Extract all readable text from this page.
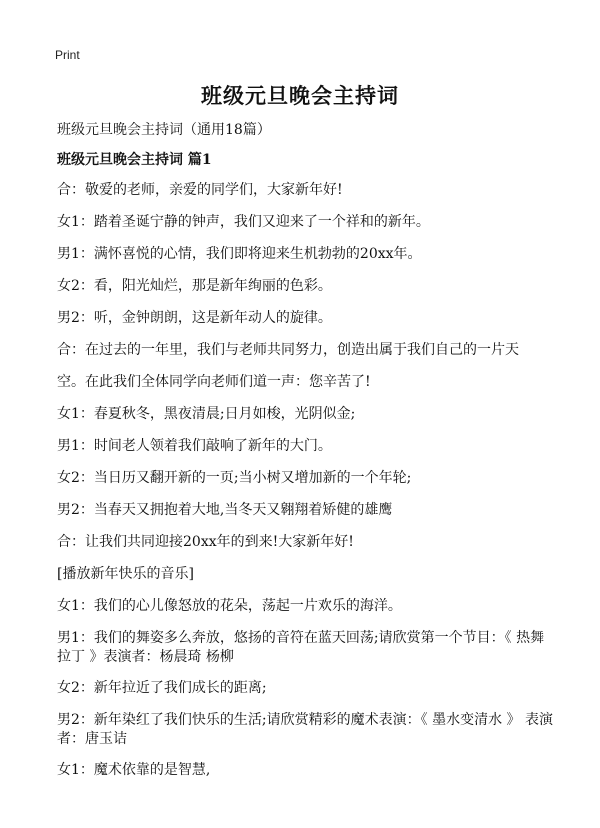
Print
班级元旦晚会主持词

班级元旦晚会主持词（通用18篇）

班级元旦晚会主持词 篇1

合：敬爱的老师，亲爱的同学们，大家新年好!

女1：踏着圣诞宁静的钟声，我们又迎来了一个祥和的新年。

男1：满怀喜悦的心情，我们即将迎来生机勃勃的20xx年。

女2：看，阳光灿烂，那是新年绚丽的色彩。

男2：听，金钟朗朗，这是新年动人的旋律。

合：在过去的一年里，我们与老师共同努力，创造出属于我们自己的一片天

空。在此我们全体同学向老师们道一声：您辛苦了!

女1：春夏秋冬，黑夜清晨;日月如梭，光阴似金;

男1：时间老人领着我们敲响了新年的大门。

女2：当日历又翻开新的一页;当小树又增加新的一个年轮;

男2：当春天又拥抱着大地,当冬天又翱翔着矫健的雄鹰

合：让我们共同迎接20xx年的到来!大家新年好!

[播放新年快乐的音乐]

女1：我们的心儿像怒放的花朵，荡起一片欢乐的海洋。

男1：我们的舞姿多么奔放，悠扬的音符在蓝天回荡;请欣赏第一个节目：《 热舞拉丁 》表演者：杨晨琦 杨柳

女2：新年拉近了我们成长的距离;

男2：新年染红了我们快乐的生活;请欣赏精彩的魔术表演：《 墨水变清水 》 表演者：唐玉诘

女1：魔术依靠的是智慧,
